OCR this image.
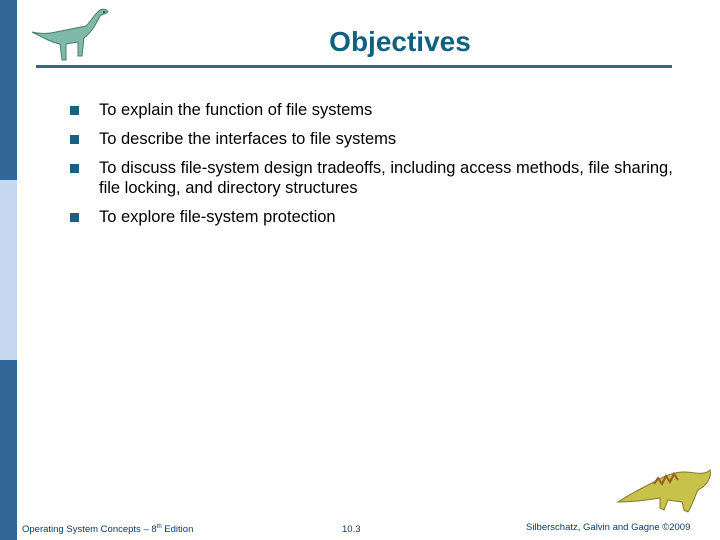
Objectives
To explain the function of file systems
To describe the interfaces to file systems
To discuss file-system design tradeoffs, including access methods, file sharing, file locking, and directory structures
To explore file-system protection
Operating System Concepts – 8th Edition	10.3	Silberschatz, Galvin and Gagne ©2009
